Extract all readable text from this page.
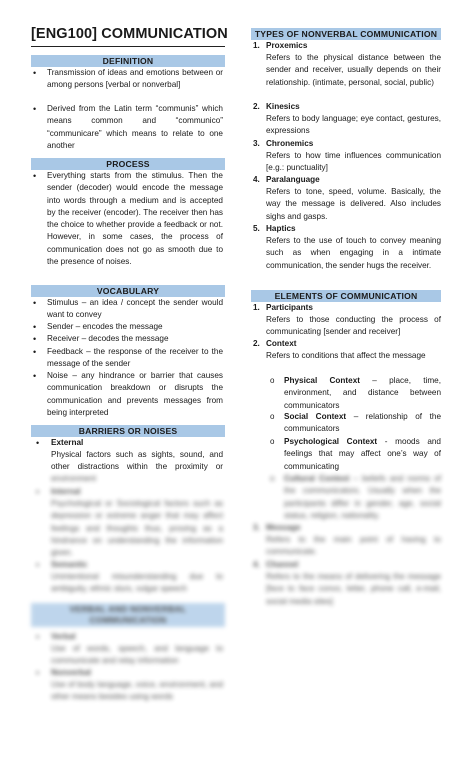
[ENG100] COMMUNICATION
DEFINITION
• Transmission of ideas and emotions between or among persons [verbal or nonverbal]
• Derived from the Latin term “communis” which means common and “communico” “communicare” which means to relate to one another
PROCESS
• Everything starts from the stimulus. Then the sender (decoder) would encode the message into words through a medium and is accepted by the receiver (encoder). The receiver then has the choice to whether provide a feedback or not. However, in some cases, the process of communication does not go as smooth due to the presence of noises.
VOCABULARY
• Stimulus – an idea / concept the sender would want to convey
• Sender – encodes the message
• Receiver – decodes the message
• Feedback – the response of the receiver to the message of the sender
• Noise – any hindrance or barrier that causes communication breakdown or disrupts the communication and prevents messages from being interpreted
BARRIERS OR NOISES
• External
Physical factors such as sights, sound, and other distractions within the proximity or
environment
• Internal
Psychological or Sociological factors such as depression or extreme anger that may affect feelings and thoughts thus, proving as a hindrance on understanding the information given.
• Semantic
Unintentional misunderstanding due to ambiguity, ethnic slurs, vulgar speech
VERBAL AND NONVERBAL COMMUNICATION
• Verbal
Use of words, speech, and language to communicate and relay information
• Nonverbal
Use of body language, voice, environment, and other means besides using words
TYPES OF NONVERBAL COMMUNICATION
1. Proxemics
Refers to the physical distance between the sender and receiver, usually depends on their relationship. (intimate, personal, social, public)
2. Kinesics
Refers to body language; eye contact, gestures, expressions
3. Chronemics
Refers to how time influences communication [e.g.: punctuality]
4. Paralanguage
Refers to tone, speed, volume. Basically, the way the message is delivered. Also includes sighs and gasps.
5. Haptics
Refers to the use of touch to convey meaning such as when engaging in a intimate communication, the sender hugs the receiver.
ELEMENTS OF COMMUNICATION
1. Participants
Refers to those conducting the process of communicating [sender and receiver]
2. Context
Refers to conditions that affect the message
o Physical Context – place, time, environment, and distance between communicators
o Social Context – relationship of the communicators
o Psychological Context - moods and feelings that may affect one’s way of communicating
o Cultural Context – beliefs and norms of the communicators. Usually when the participants differ in gender, age, social status, religion, nationality.
3. Message
Refers to the main point of having to communicate.
4. Channel
Refers to the means of delivering the message [face to face convo, letter, phone call, e-mail, social media sites]
